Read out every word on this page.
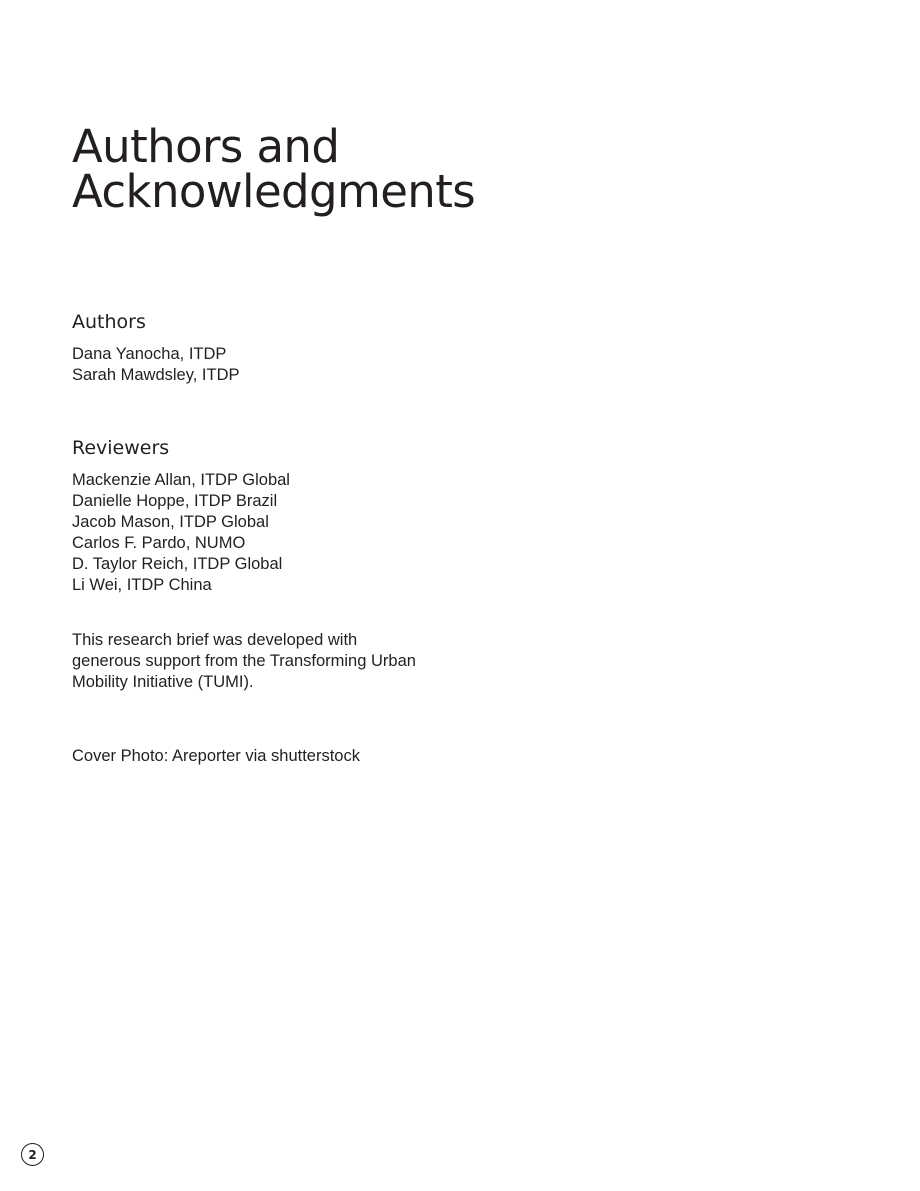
Authors and
Acknowledgments
Authors
Dana Yanocha, ITDP
Sarah Mawdsley, ITDP
Reviewers
Mackenzie Allan, ITDP Global
Danielle Hoppe, ITDP Brazil
Jacob Mason, ITDP Global
Carlos F. Pardo, NUMO
D. Taylor Reich, ITDP Global
Li Wei, ITDP China
This research brief was developed with
generous support from the Transforming Urban
Mobility Initiative (TUMI).
Cover Photo: Areporter via shutterstock
2
